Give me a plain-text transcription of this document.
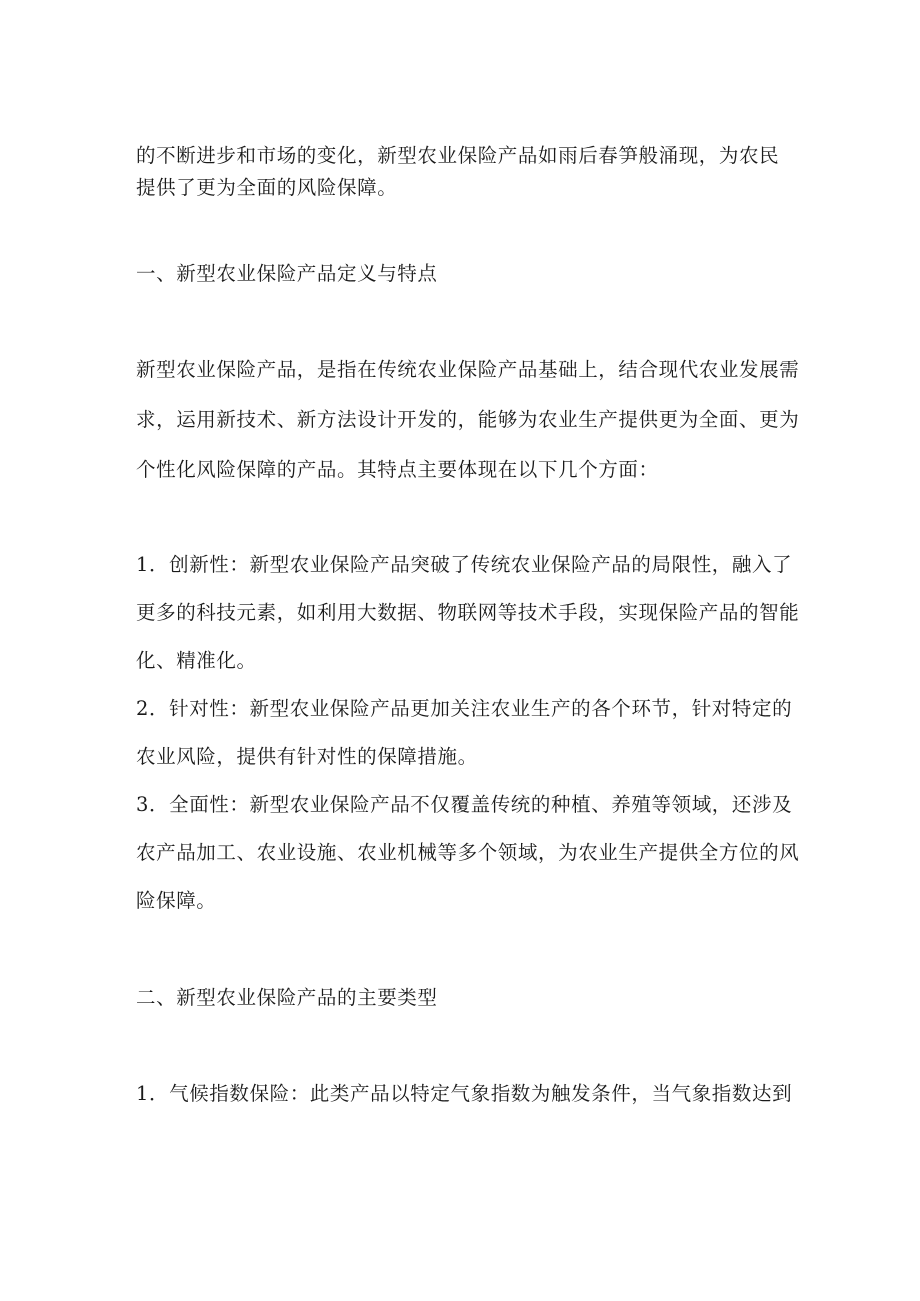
的不断进步和市场的变化，新型农业保险产品如雨后春笋般涌现，为农民
提供了更为全面的风险保障。
一、新型农业保险产品定义与特点
新型农业保险产品，是指在传统农业保险产品基础上，结合现代农业发展需
求，运用新技术、新方法设计开发的，能够为农业生产提供更为全面、更为
个性化风险保障的产品。其特点主要体现在以下几个方面：
1．创新性：新型农业保险产品突破了传统农业保险产品的局限性，融入了
更多的科技元素，如利用大数据、物联网等技术手段，实现保险产品的智能
化、精准化。
2．针对性：新型农业保险产品更加关注农业生产的各个环节，针对特定的
农业风险，提供有针对性的保障措施。
3．全面性：新型农业保险产品不仅覆盖传统的种植、养殖等领域，还涉及
农产品加工、农业设施、农业机械等多个领域，为农业生产提供全方位的风
险保障。
二、新型农业保险产品的主要类型
1．气候指数保险：此类产品以特定气象指数为触发条件，当气象指数达到
